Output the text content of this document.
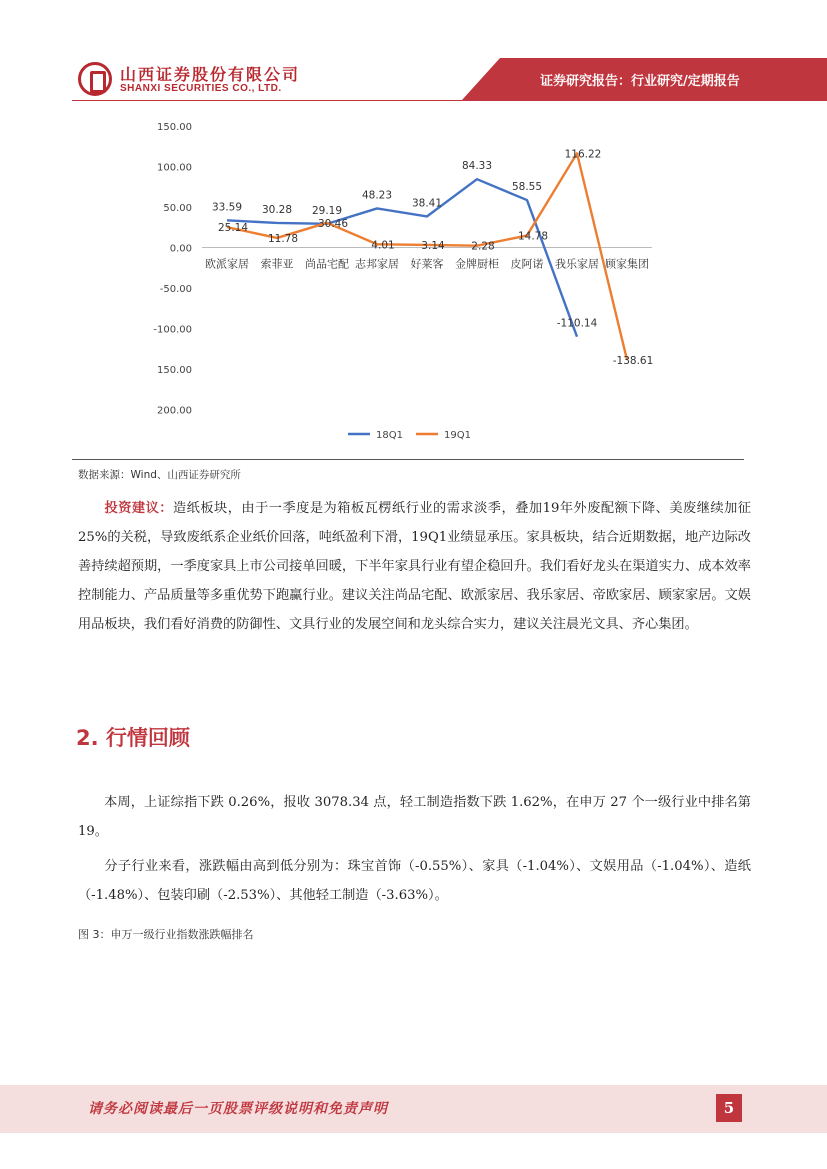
山西证券股份有限公司
SHANXI SECURITIES CO., LTD.	证券研究报告：行业研究/定期报告
150.00
100.00
50.00
0.00
-50.00
-100.00
150.00
200.00
欧派家居 索菲亚 尚品宅配 志邦家居 好莱客 金牌厨柜 皮阿诺 我乐家居 顾家集团
33.59 30.28 29.19
48.23
38.41
84.33
58.55
-110.14
25.14
11.78
30.46
4.01	3.14	2.28
14.78
116.22
-138.61
18Q1	19Q1
数据来源：Wind、山西证券研究所
投资建议：造纸板块，由于一季度是为箱板瓦楞纸行业的需求淡季，叠加19年外废配额下降、美废继续加征25%的关税，导致废纸系企业纸价回落，吨纸盈利下滑，19Q1业绩显承压。家具板块，结合近期数据，地产边际改善持续超预期，一季度家具上市公司接单回暖，下半年家具行业有望企稳回升。我们看好龙头在渠道实力、成本效率控制能力、产品质量等多重优势下跑赢行业。建议关注尚品宅配、欧派家居、我乐家居、帝欧家居、顾家家居。文娱用品板块，我们看好消费的防御性、文具行业的发展空间和龙头综合实力，建议关注晨光文具、齐心集团。
2. 行情回顾
本周，上证综指下跌 0.26%，报收 3078.34 点，轻工制造指数下跌 1.62%，在申万 27 个一级行业中排名第 19。
分子行业来看，涨跌幅由高到低分别为：珠宝首饰（-0.55%）、家具（-1.04%）、文娱用品（-1.04%）、造纸（-1.48%）、包装印刷（-2.53%）、其他轻工制造（-3.63%）。
图 3：申万一级行业指数涨跌幅排名
请务必阅读最后一页股票评级说明和免责声明	5
